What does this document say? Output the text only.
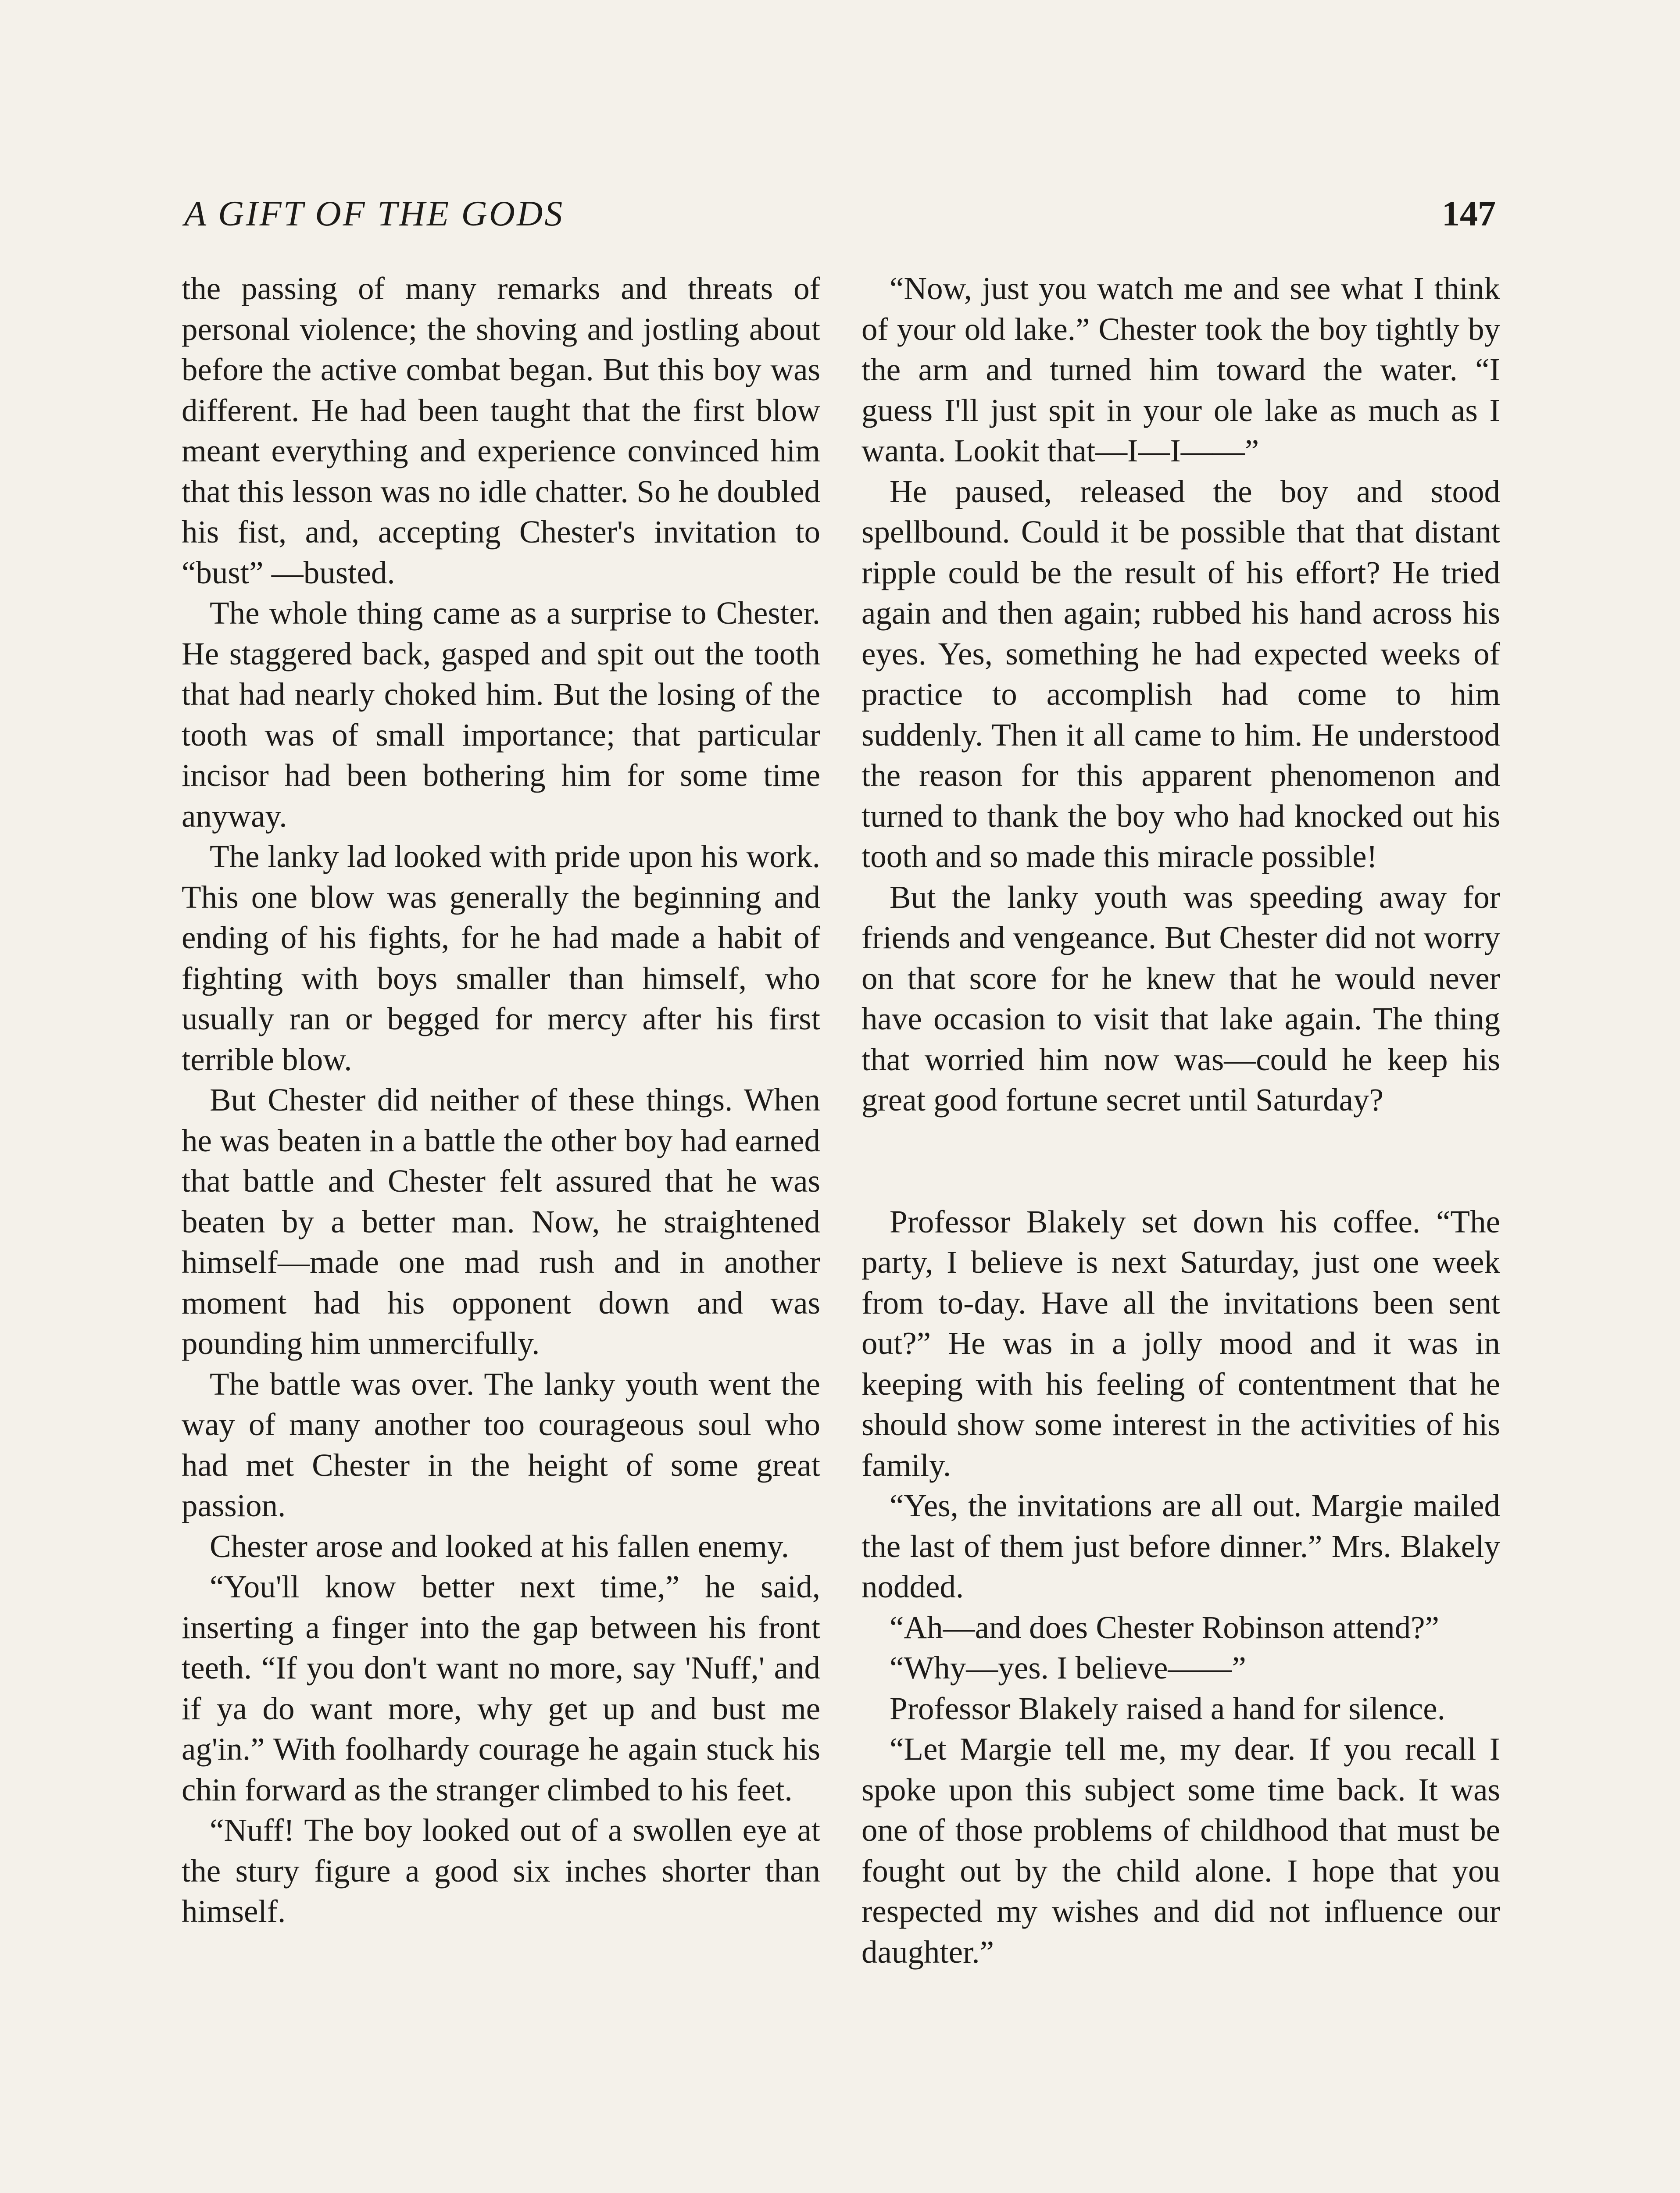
A GIFT OF THE GODS	147

the passing of many remarks and threats of personal violence; the shoving and jostling about before the active combat began. But this boy was different. He had been taught that the first blow meant everything and experience convinced him that this lesson was no idle chatter. So he doubled his fist, and, accepting Chester's invitation to “bust” —busted.

The whole thing came as a surprise to Chester. He staggered back, gasped and spit out the tooth that had nearly choked him. But the losing of the tooth was of small importance; that particular incisor had been bothering him for some time anyway.

The lanky lad looked with pride upon his work. This one blow was generally the beginning and ending of his fights, for he had made a habit of fighting with boys smaller than himself, who usually ran or begged for mercy after his first terrible blow.

But Chester did neither of these things. When he was beaten in a battle the other boy had earned that battle and Chester felt assured that he was beaten by a better man. Now, he straightened himself—made one mad rush and in another moment had his opponent down and was pounding him unmercifully.

The battle was over. The lanky youth went the way of many another too courageous soul who had met Chester in the height of some great passion.

Chester arose and looked at his fallen enemy.

“You'll know better next time,” he said, inserting a finger into the gap between his front teeth. “If you don't want no more, say 'Nuff,' and if ya do want more, why get up and bust me ag'in.” With foolhardy courage he again stuck his chin forward as the stranger climbed to his feet.

“Nuff! The boy looked out of a swollen eye at the stury figure a good six inches shorter than himself.

“Now, just you watch me and see what I think of your old lake.” Chester took the boy tightly by the arm and turned him toward the water. “I guess I'll just spit in your ole lake as much as I wanta. Lookit that—I—I——”

He paused, released the boy and stood spellbound. Could it be possible that that distant ripple could be the result of his effort? He tried again and then again; rubbed his hand across his eyes. Yes, something he had expected weeks of practice to accomplish had come to him suddenly. Then it all came to him. He understood the reason for this apparent phenomenon and turned to thank the boy who had knocked out his tooth and so made this miracle possible!

But the lanky youth was speeding away for friends and vengeance. But Chester did not worry on that score for he knew that he would never have occasion to visit that lake again. The thing that worried him now was—could he keep his great good fortune secret until Saturday?

Professor Blakely set down his coffee. “The party, I believe is next Saturday, just one week from to-day. Have all the invitations been sent out?” He was in a jolly mood and it was in keeping with his feeling of contentment that he should show some interest in the activities of his family.

“Yes, the invitations are all out. Margie mailed the last of them just before dinner.” Mrs. Blakely nodded.

“Ah—and does Chester Robinson attend?”

“Why—yes. I believe——”

Professor Blakely raised a hand for silence.

“Let Margie tell me, my dear. If you recall I spoke upon this subject some time back. It was one of those problems of childhood that must be fought out by the child alone. I hope that you respected my wishes and did not influence our daughter.”
